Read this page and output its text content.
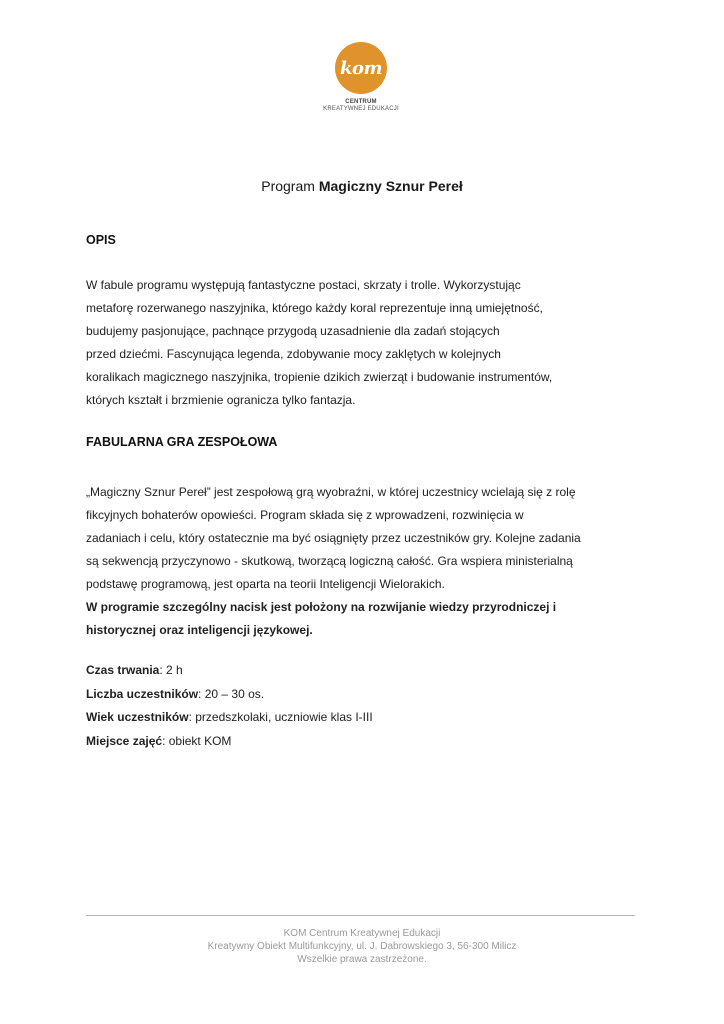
kom
CENTRUM
KREATYWNEJ EDUKACJI
Program Magiczny Sznur Pereł
OPIS
W fabule programu występują fantastyczne postaci, skrzaty i trolle. Wykorzystując
metaforę rozerwanego naszyjnika, którego każdy koral reprezentuje inną umiejętność,
budujemy pasjonujące, pachnące przygodą uzasadnienie dla zadań stojących
przed dziećmi. Fascynująca legenda, zdobywanie mocy zaklętych w kolejnych
koralikach magicznego naszyjnika, tropienie dzikich zwierząt i budowanie instrumentów,
których kształt i brzmienie ogranicza tylko fantazja.
FABULARNA GRA ZESPOŁOWA
„Magiczny Sznur Pereł” jest zespołową grą wyobraźni, w której uczestnicy wcielają się z rolę
fikcyjnych bohaterów opowieści. Program składa się z wprowadzeni, rozwinięcia w
zadaniach i celu, który ostatecznie ma być osiągnięty przez uczestników gry. Kolejne zadania
są sekwencją przyczynowo - skutkową, tworzącą logiczną całość. Gra wspiera ministerialną
podstawę programową, jest oparta na teorii Inteligencji Wielorakich.
W programie szczególny nacisk jest położony na rozwijanie wiedzy przyrodniczej i
historycznej oraz inteligencji językowej.
Czas trwania: 2 h
Liczba uczestników: 20 – 30 os.
Wiek uczestników: przedszkolaki, uczniowie klas I-III
Miejsce zajęć: obiekt KOM
KOM Centrum Kreatywnej Edukacji
Kreatywny Obiekt Multifunkcyjny, ul. J. Dabrowskiego 3, 56-300 Milicz
Wszelkie prawa zastrzeżone.
